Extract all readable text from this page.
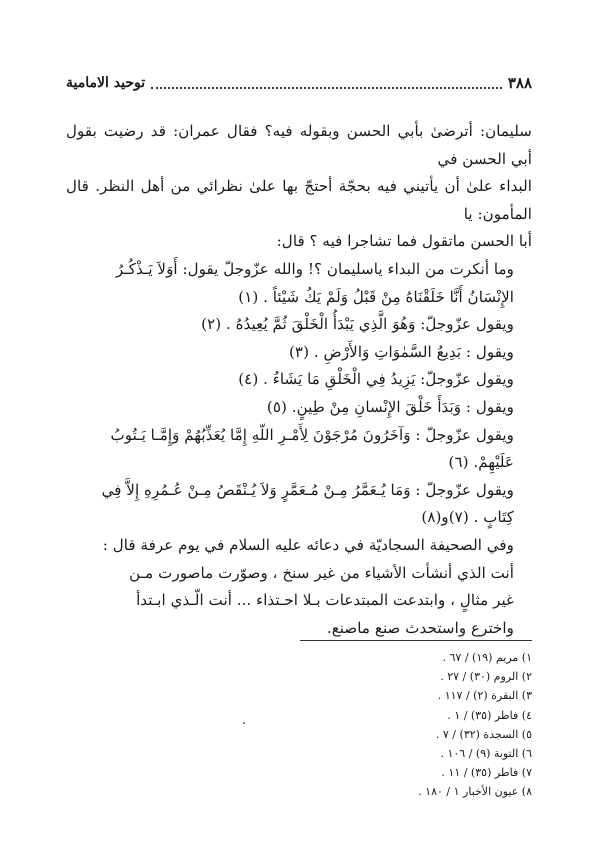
٣٨٨
توحيد الامامية

سليمان: أترضىٰ بأبي الحسن وبقوله فيه؟ فقال عمران: قد رضيت بقول أبي الحسن في

البداء علىٰ أن يأتيني فيه بحجّة أحتجّ بها علىٰ نظرائي من أهل النظر. قال المأمون: يا

أبا الحسن ماتقول فما تشاجرا فيه ؟ قال:

وما أنكرت من البداء ياسليمان ؟! والله عزّوجلّ يقول: أَوَلاَ يَـذْكُـرُ

الإِنْسَانُ أَنَّا خَلَقْنَاهُ مِنْ قَبْلُ وَلَمْ يَكُ شَيْئاً . (١)

ويقول عزّوجلّ: وَهُوَ الَّذِي يَبْدَأُ الْخَلْقَ ثُمَّ يُعِيدُهُ . (٢)

ويقول : بَدِيعُ السَّمٰوَاتِ وَالأَرْضِ . (٣)

ويقول عزّوجلّ: يَزِيدُ فِي الْخَلْقِ مَا يَشَاءُ . (٤)

ويقول : وَبَدَأَ خَلْقَ الإِنْسانِ مِنْ طِينٍ. (٥)

ويقول عزّوجلّ : وَآخَرُونَ مُرْجَوْنَ لِأَمْـرِ اللّهِ إِمَّا يُعَذِّبُهُمْ وَإِمَّـا يَـتُوبُ

عَلَيْهِمْ. (٦)

ويقول عزّوجلّ : وَمَا يُـعَمَّرُ مِـنْ مُـعَمَّرٍ وَلاَ يُـنْقَصُ مِـنْ عُـمُرِهِ إِلاَّ فِي

كِتَابٍ . (٧)و(٨)

وفي الصحيفة السجاديّة في دعائه عليه السلام في يوم عرفة قال :

أنت الذي أنشأت الأشياء من غير سنخ ، وصوّرت ماصورت مـن

غير مثالٍ ، وابتدعت المبتدعات بـلا احـتذاء ... أنت الّـذي ابـتدأ

واخترع واستحدث صنع ماصنع.

١) مريم (١٩) / ٦٧ .
٢) الروم (٣٠) / ٢٧ .
٣) البقرة (٢) / ١١٧ .
٤) فاطر (٣٥) / ١ .
٥) السجدة (٣٢) / ٧ .
٦) التوبة (٩) / ١٠٦ .
٧) فاطر (٣٥) / ١١ .
٨) عيون الأخبار ١ / ١٨٠ .
